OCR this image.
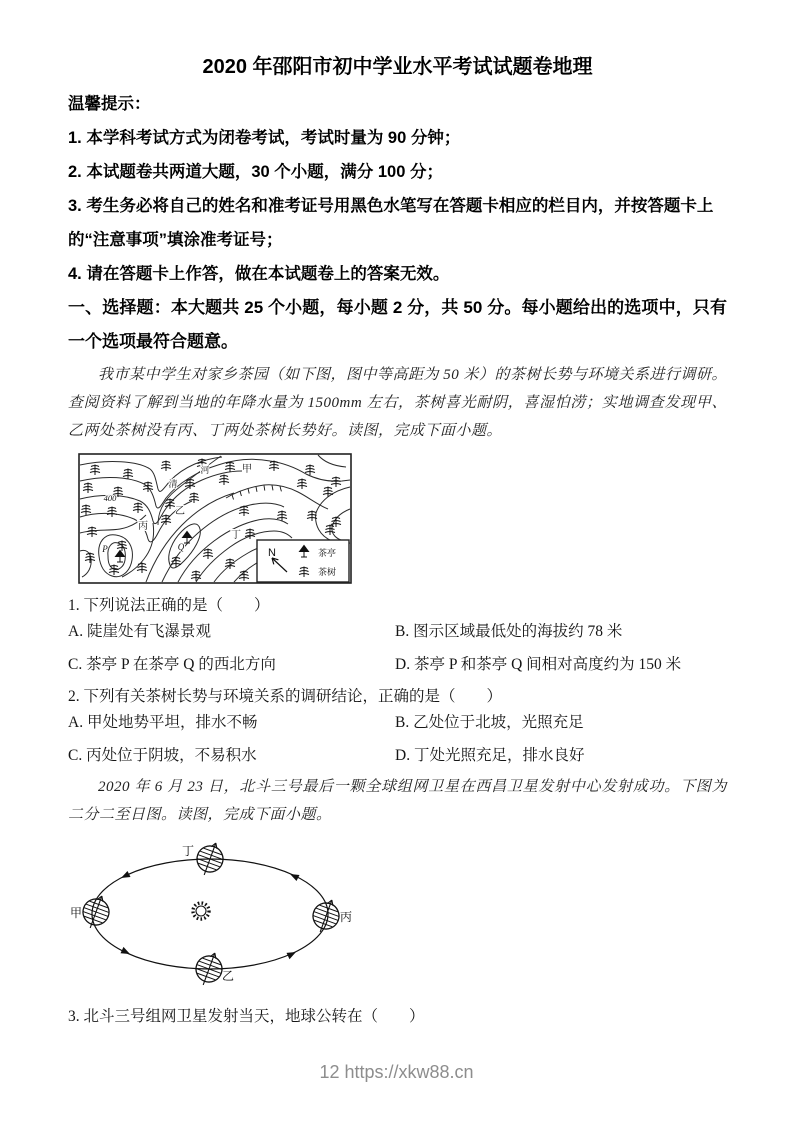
2020 年邵阳市初中学业水平考试试题卷地理

温馨提示：

1. 本学科考试方式为闭卷考试，考试时量为 90 分钟；

2. 本试题卷共两道大题，30 个小题，满分 100 分；

3. 考生务必将自己的姓名和准考证号用黑色水笔写在答题卡相应的栏目内，并按答题卡上的“注意事项”填涂准考证号；

4. 请在答题卡上作答，做在本试题卷上的答案无效。

一、选择题：本大题共 25 个小题，每小题 2 分，共 50 分。每小题给出的选项中，只有一个选项最符合题意。

我市某中学生对家乡茶园（如下图，图中等高距为 50 米）的茶树长势与环境关系进行调研。查阅资料了解到当地的年降水量为 1500mm 左右，茶树喜光耐阴，喜湿怕涝；实地调查发现甲、乙两处茶树没有丙、丁两处茶树长势好。读图，完成下面小题。

400
清
河	甲
乙
丙
丁
P	Q	N	茶亭
茶树

1. 下列说法正确的是（　　）

A. 陡崖处有飞瀑景观	B. 图示区域最低处的海拔约 78 米
C. 茶亭 P 在茶亭 Q 的西北方向	D. 茶亭 P 和茶亭 Q 间相对高度约为 150 米

2. 下列有关茶树长势与环境关系的调研结论，正确的是（　　）

A. 甲处地势平坦，排水不畅	B. 乙处位于北坡，光照充足
C. 丙处位于阴坡，不易积水	D. 丁处光照充足，排水良好

2020 年 6 月 23 日，北斗三号最后一颗全球组网卫星在西昌卫星发射中心发射成功。下图为二分二至日图。读图，完成下面小题。

丁
甲	丙
乙

3. 北斗三号组网卫星发射当天，地球公转在（　　）

12 https://xkw88.cn
